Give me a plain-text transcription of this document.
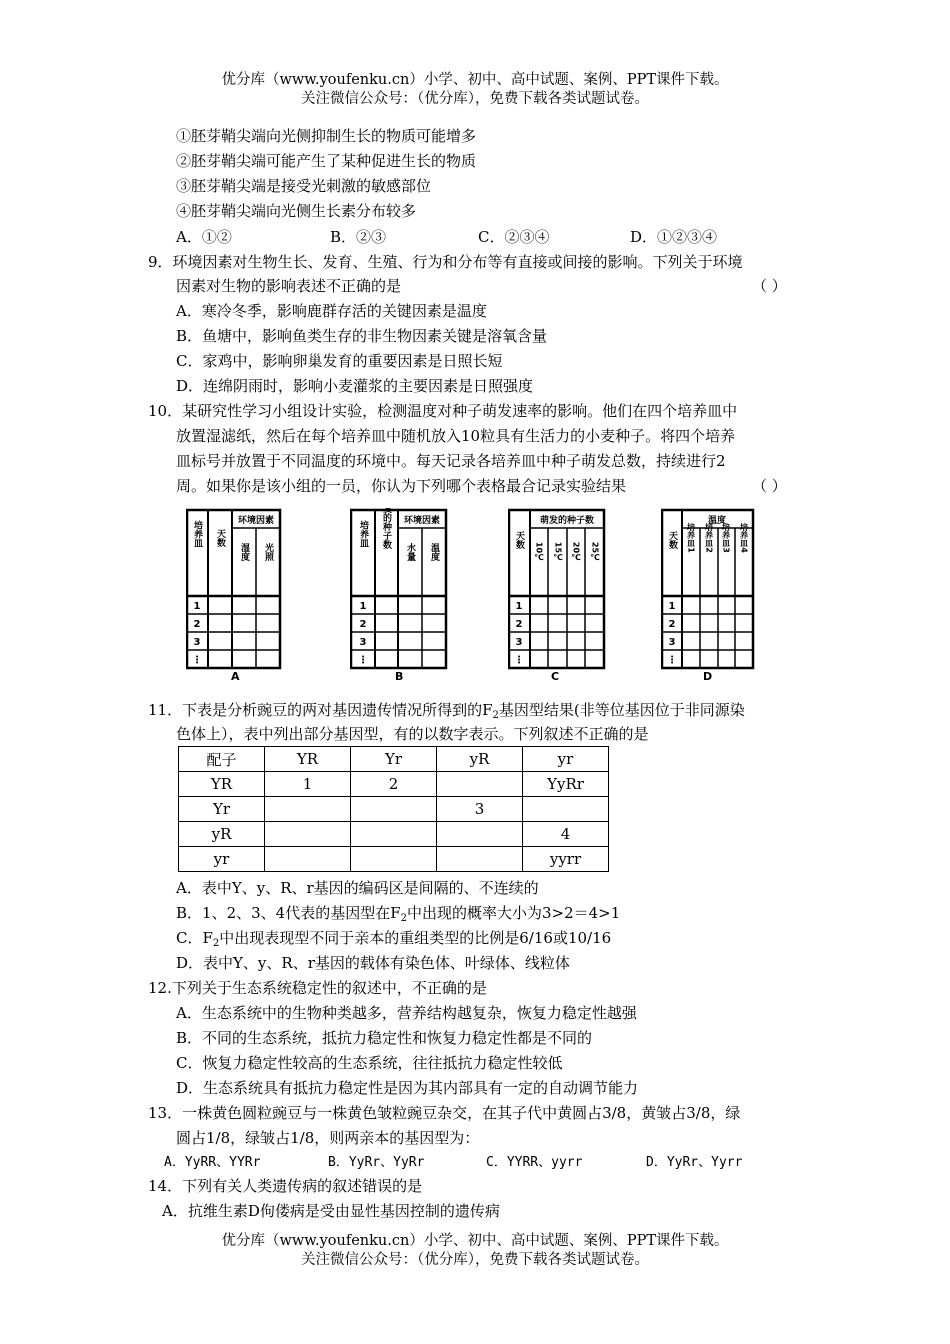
优分库（www.youfenku.cn）小学、初中、高中试题、案例、PPT课件下载。
关注微信公众号：（优分库），免费下载各类试题试卷。
①胚芽鞘尖端向光侧抑制生长的物质可能增多
②胚芽鞘尖端可能产生了某种促进生长的物质
③胚芽鞘尖端是接受光刺激的敏感部位
④胚芽鞘尖端向光侧生长素分布较多
A．①②	B．②③	C．②③④	D．①②③④
9．环境因素对生物生长、发育、生殖、行为和分布等有直接或间接的影响。下列关于环境
因素对生物的影响表述不正确的是	（ ）
A．寒冷冬季，影响鹿群存活的关键因素是温度
B．鱼塘中，影响鱼类生存的非生物因素关键是溶氧含量
C．家鸡中，影响卵巢发育的重要因素是日照长短
D．连绵阴雨时，影响小麦灌浆的主要因素是日照强度
10．某研究性学习小组设计实验，检测温度对种子萌发速率的影响。他们在四个培养皿中
放置湿滤纸，然后在每个培养皿中随机放入10粒具有生活力的小麦种子。将四个培养
皿标号并放置于不同温度的环境中。每天记录各培养皿中种子萌发总数，持续进行2
周。如果你是该小组的一员，你认为下列哪个表格最合记录实验结果	（ ）
环境因素
培养皿 天数
湿度 光照
1
2
3
⋮
A
环境因素
培养皿 萌发的种子数
水量 温度
1
2
3
⋮
B
萌发的种子数
天数
10℃ 15℃ 20℃ 25℃
1
2
3
⋮
C
温度
天数 培养皿1 培养皿2 培养皿3 培养皿4
1
2
3
⋮
D
11．下表是分析豌豆的两对基因遗传情况所得到的$F_2$基因型结果(非等位基因位于非同源染
色体上），表中列出部分基因型，有的以数字表示。下列叙述不正确的是
配子	YR	Yr	yR	yr
YR	1	2		YyRr
Yr			3	
yR				4
yr				yyrr
A．表中Y、y、R、r基因的编码区是间隔的、不连续的
B．1、2、3、4代表的基因型在$F_2$中出现的概率大小为3>2＝4>1
C．$F_2$中出现表现型不同于亲本的重组类型的比例是6/16或10/16
D．表中Y、y、R、r基因的载体有染色体、叶绿体、线粒体
12.下列关于生态系统稳定性的叙述中，不正确的是
A．生态系统中的生物种类越多，营养结构越复杂，恢复力稳定性越强
B．不同的生态系统，抵抗力稳定性和恢复力稳定性都是不同的
C．恢复力稳定性较高的生态系统，往往抵抗力稳定性较低
D．生态系统具有抵抗力稳定性是因为其内部具有一定的自动调节能力
13．一株黄色圆粒豌豆与一株黄色皱粒豌豆杂交，在其子代中黄圆占3/8，黄皱占3/8，绿
圆占1/8，绿皱占1/8，则两亲本的基因型为：
A．YyRR、YYRr	B．YyRr、YyRr	C．YYRR、yyrr	D．YyRr、Yyrr
14．下列有关人类遗传病的叙述错误的是
A．抗维生素D佝偻病是受由显性基因控制的遗传病
优分库（www.youfenku.cn）小学、初中、高中试题、案例、PPT课件下载。
关注微信公众号：（优分库），免费下载各类试题试卷。
